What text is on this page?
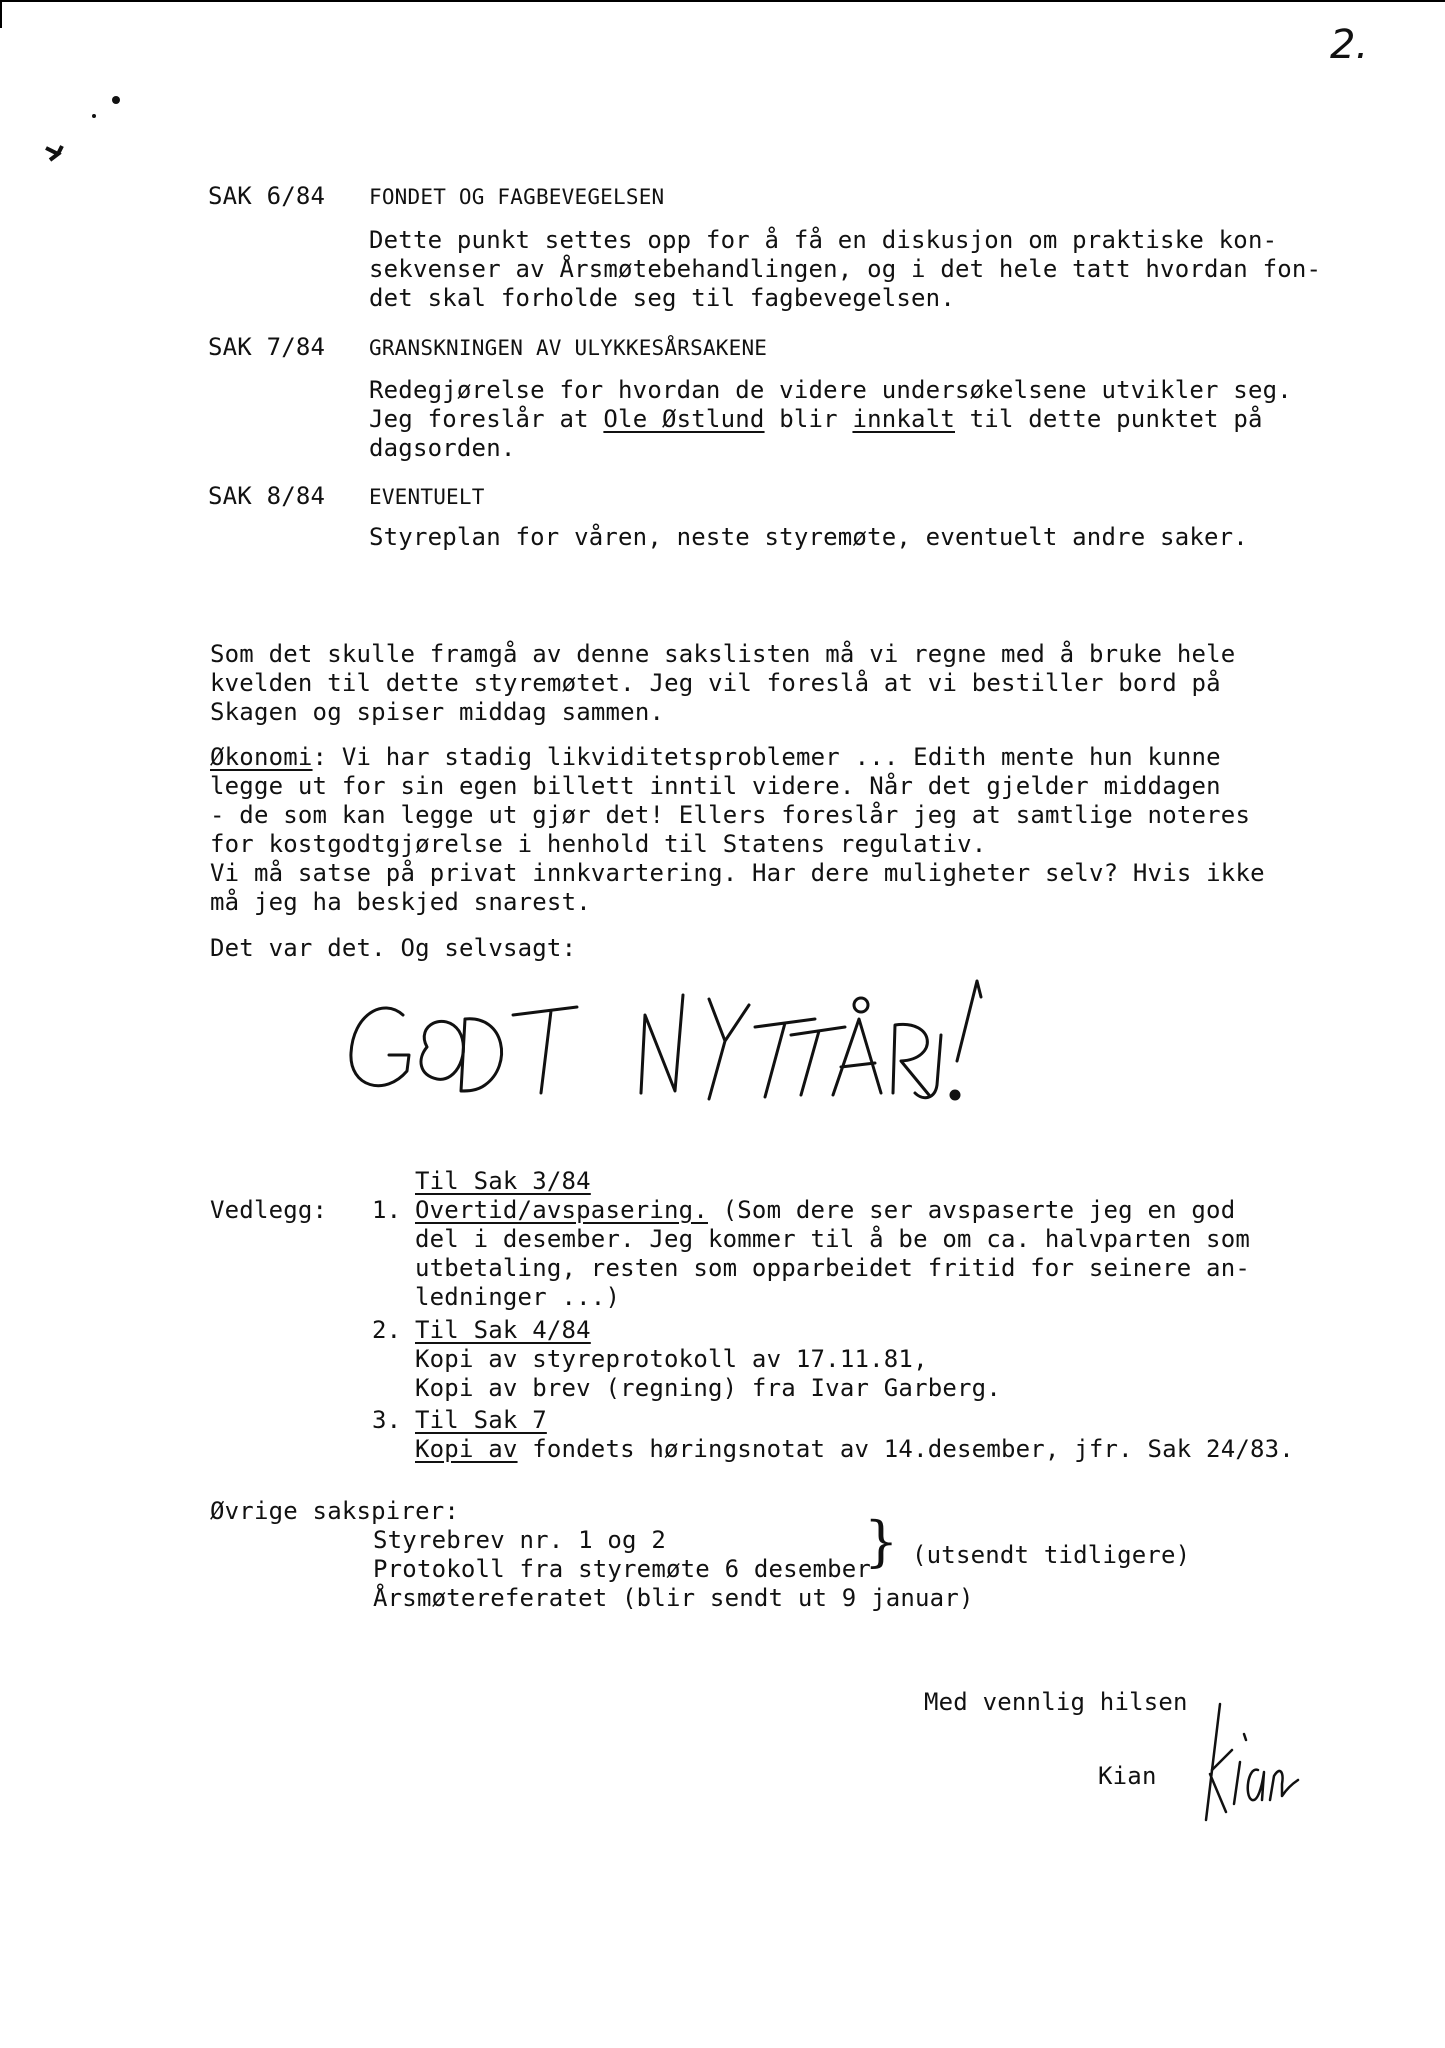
2.
SAK 6/84 FONDET OG FAGBEVEGELSEN
Dette punkt settes opp for å få en diskusjon om praktiske kon-
sekvenser av Årsmøtebehandlingen, og i det hele tatt hvordan fon-
det skal forholde seg til fagbevegelsen.
SAK 7/84 GRANSKNINGEN AV ULYKKESÅRSAKENE
Redegjørelse for hvordan de videre undersøkelsene utvikler seg.
Jeg foreslår at Ole Østlund blir innkalt til dette punktet på
dagsorden.
SAK 8/84 EVENTUELT
Styreplan for våren, neste styremøte, eventuelt andre saker.
Som det skulle framgå av denne sakslisten må vi regne med å bruke hele
kvelden til dette styremøtet. Jeg vil foreslå at vi bestiller bord på
Skagen og spiser middag sammen.
Økonomi: Vi har stadig likviditetsproblemer ... Edith mente hun kunne
legge ut for sin egen billett inntil videre. Når det gjelder middagen
- de som kan legge ut gjør det! Ellers foreslår jeg at samtlige noteres
for kostgodtgjørelse i henhold til Statens regulativ.
Vi må satse på privat innkvartering. Har dere muligheter selv? Hvis ikke
må jeg ha beskjed snarest.
Det var det. Og selvsagt:
Til Sak 3/84
Vedlegg: 1. Overtid/avspasering. (Som dere ser avspaserte jeg en god
del i desember. Jeg kommer til å be om ca. halvparten som
utbetaling, resten som opparbeidet fritid for seinere an-
ledninger ...)
2. Til Sak 4/84
Kopi av styreprotokoll av 17.11.81,
Kopi av brev (regning) fra Ivar Garberg.
3. Til Sak 7
Kopi av fondets høringsnotat av 14.desember, jfr. Sak 24/83.
Øvrige sakspirer:
Styrebrev nr. 1 og 2
Protokoll fra styremøte 6 desember
Årsmøtereferatet (blir sendt ut 9 januar)
} (utsendt tidligere)
Med vennlig hilsen
Kian
